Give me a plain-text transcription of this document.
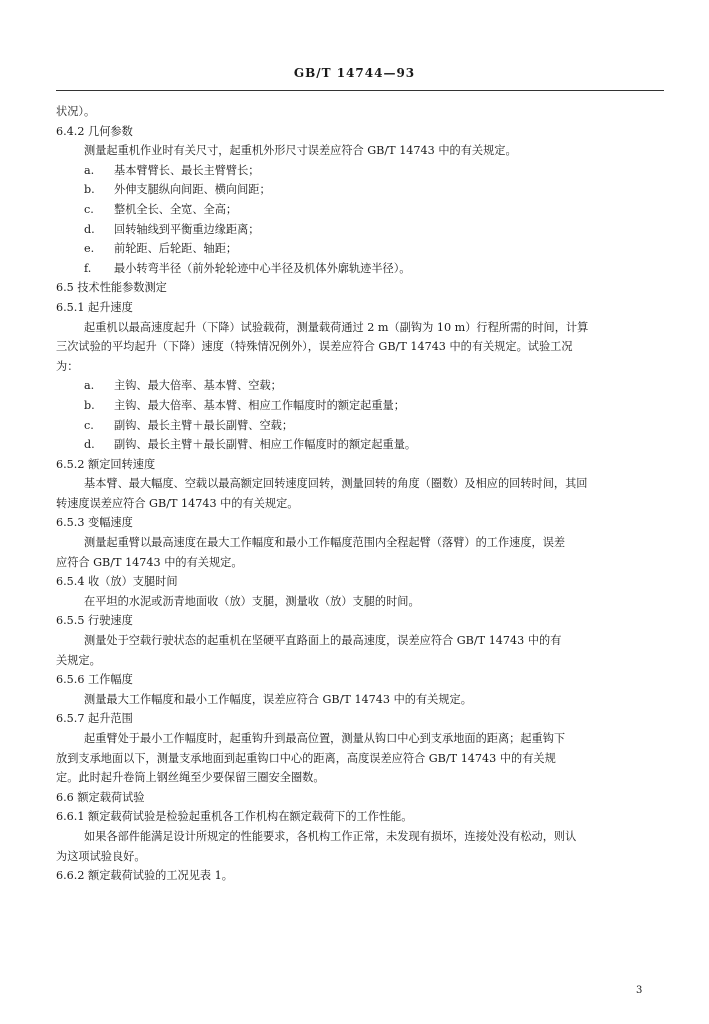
GB/T 14744—93
状况）。
6.4.2 几何参数
测量起重机作业时有关尺寸，起重机外形尺寸误差应符合 GB/T 14743 中的有关规定。
a. 基本臂臂长、最长主臂臂长；
b. 外伸支腿纵向间距、横向间距；
c. 整机全长、全宽、全高；
d. 回转轴线到平衡重边缘距离；
e. 前轮距、后轮距、轴距；
f. 最小转弯半径（前外轮轮迹中心半径及机体外廓轨迹半径）。
6.5 技术性能参数测定
6.5.1 起升速度
起重机以最高速度起升（下降）试验载荷，测量载荷通过 2 m（副钩为 10 m）行程所需的时间，计算
三次试验的平均起升（下降）速度（特殊情况例外），误差应符合 GB/T 14743 中的有关规定。试验工况
为：
a. 主钩、最大倍率、基本臂、空载；
b. 主钩、最大倍率、基本臂、相应工作幅度时的额定起重量；
c. 副钩、最长主臂＋最长副臂、空载；
d. 副钩、最长主臂＋最长副臂、相应工作幅度时的额定起重量。
6.5.2 额定回转速度
基本臂、最大幅度、空载以最高额定回转速度回转，测量回转的角度（圈数）及相应的回转时间，其回
转速度误差应符合 GB/T 14743 中的有关规定。
6.5.3 变幅速度
测量起重臂以最高速度在最大工作幅度和最小工作幅度范围内全程起臂（落臂）的工作速度，误差
应符合 GB/T 14743 中的有关规定。
6.5.4 收（放）支腿时间
在平坦的水泥或沥青地面收（放）支腿，测量收（放）支腿的时间。
6.5.5 行驶速度
测量处于空载行驶状态的起重机在坚硬平直路面上的最高速度，误差应符合 GB/T 14743 中的有
关规定。
6.5.6 工作幅度
测量最大工作幅度和最小工作幅度，误差应符合 GB/T 14743 中的有关规定。
6.5.7 起升范围
起重臂处于最小工作幅度时，起重钩升到最高位置，测量从钩口中心到支承地面的距离；起重钩下
放到支承地面以下，测量支承地面到起重钩口中心的距离，高度误差应符合 GB/T 14743 中的有关规
定。此时起升卷筒上钢丝绳至少要保留三圈安全圈数。
6.6 额定载荷试验
6.6.1 额定载荷试验是检验起重机各工作机构在额定载荷下的工作性能。
如果各部件能满足设计所规定的性能要求，各机构工作正常，未发现有损坏，连接处没有松动，则认
为这项试验良好。
6.6.2 额定载荷试验的工况见表 1。
3
